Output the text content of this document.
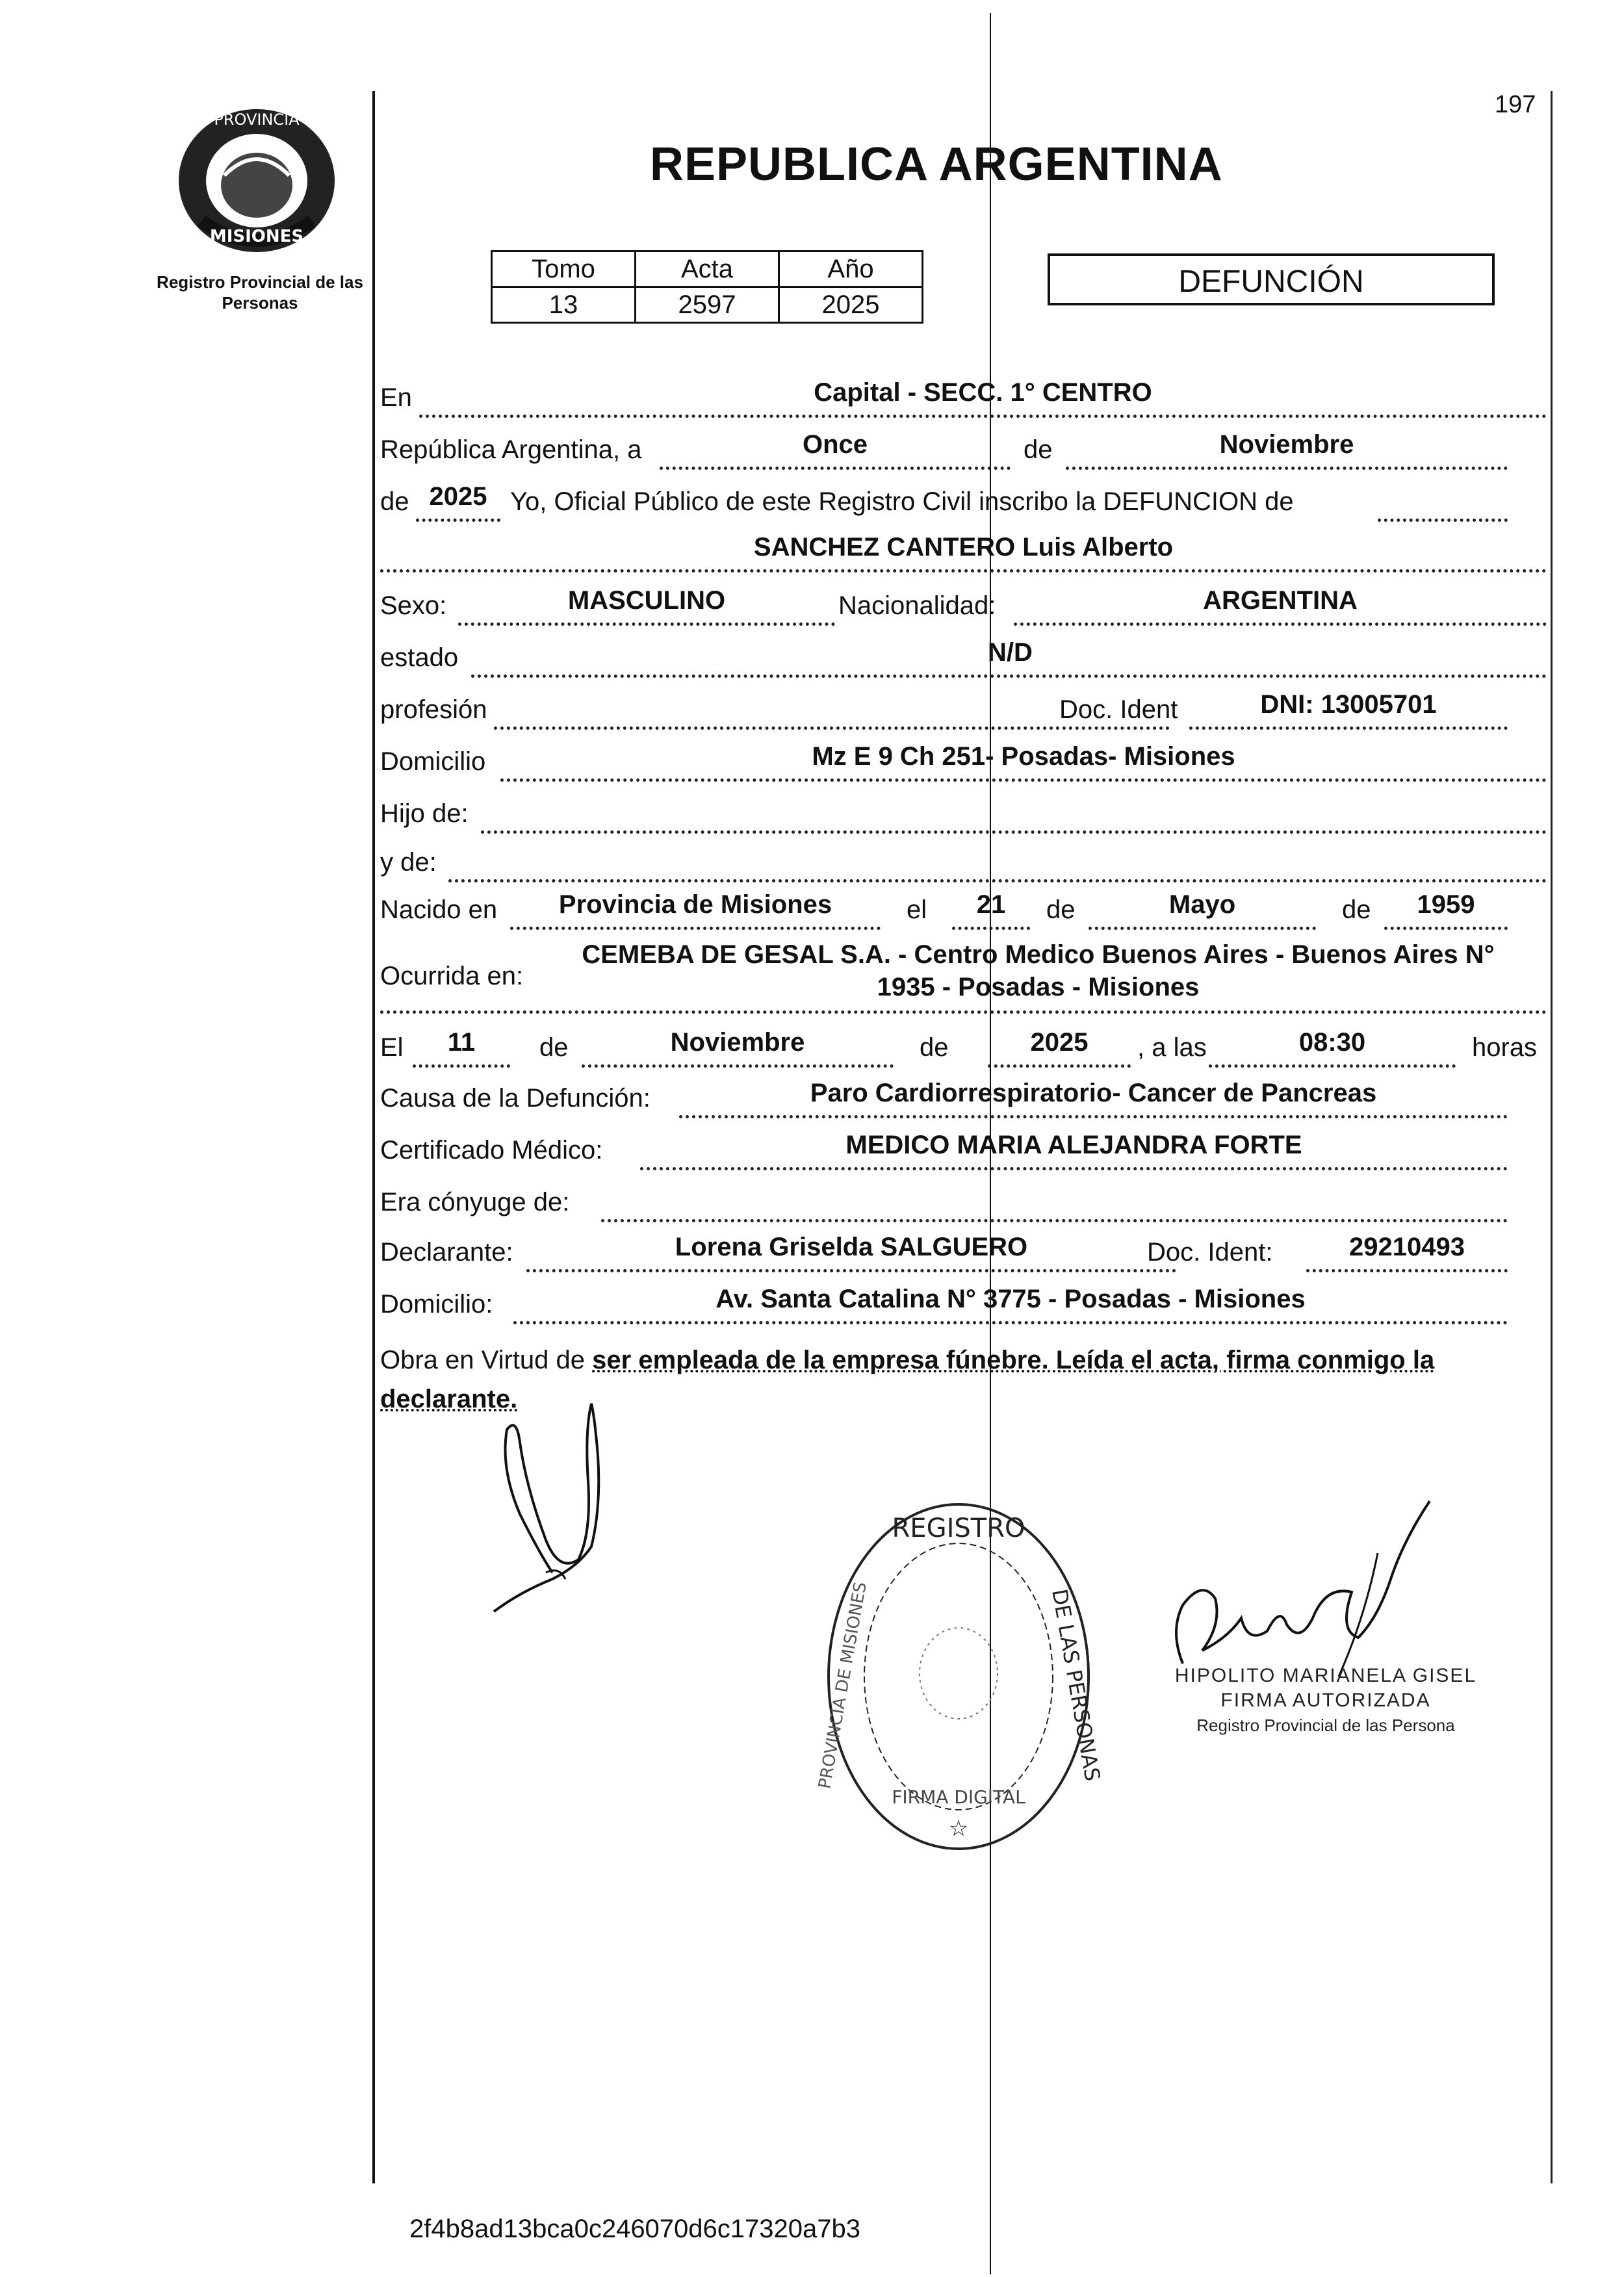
PROVINCIA
MISIONES
Registro Provincial de las Personas
197
REPUBLICA ARGENTINA
Tomo	Acta	Año
13	2597	2025
DEFUNCIÓN
En	Capital - SECC. 1° CENTRO
República Argentina, a	Once	de	Noviembre
de 2025 Yo, Oficial Público de este Registro Civil inscribo la DEFUNCION de
SANCHEZ CANTERO Luis Alberto
Sexo:	MASCULINO	Nacionalidad:	ARGENTINA
estado	N/D
profesión	Doc. Ident	DNI: 13005701
Domicilio	Mz E 9 Ch 251- Posadas- Misiones
Hijo de:
y de:
Nacido en	Provincia de Misiones	el	21	de	Mayo	de	1959
Ocurrida en:
CEMEBA DE GESAL S.A. - Centro Medico Buenos Aires - Buenos Aires N°
1935 - Posadas - Misiones
El	11	de	Noviembre	de	2025	, a las	08:30	horas
Causa de la Defunción:	Paro Cardiorrespiratorio- Cancer de Pancreas
Certificado Médico:	MEDICO MARIA ALEJANDRA FORTE
Era cónyuge de:
Declarante:	Lorena Griselda SALGUERO	Doc. Ident:	29210493
Domicilio:	Av. Santa Catalina N° 3775 - Posadas - Misiones
Obra en Virtud de ser empleada de la empresa fúnebre. Leída el acta, firma conmigo la declarante.
REGISTRO
DE LAS PERSONAS
PROVINCIA DE MISIONES
FIRMA DIGITAL
☆
HIPOLITO MARIANELA GISEL
FIRMA AUTORIZADA
Registro Provincial de las Persona
2f4b8ad13bca0c246070d6c17320a7b3
